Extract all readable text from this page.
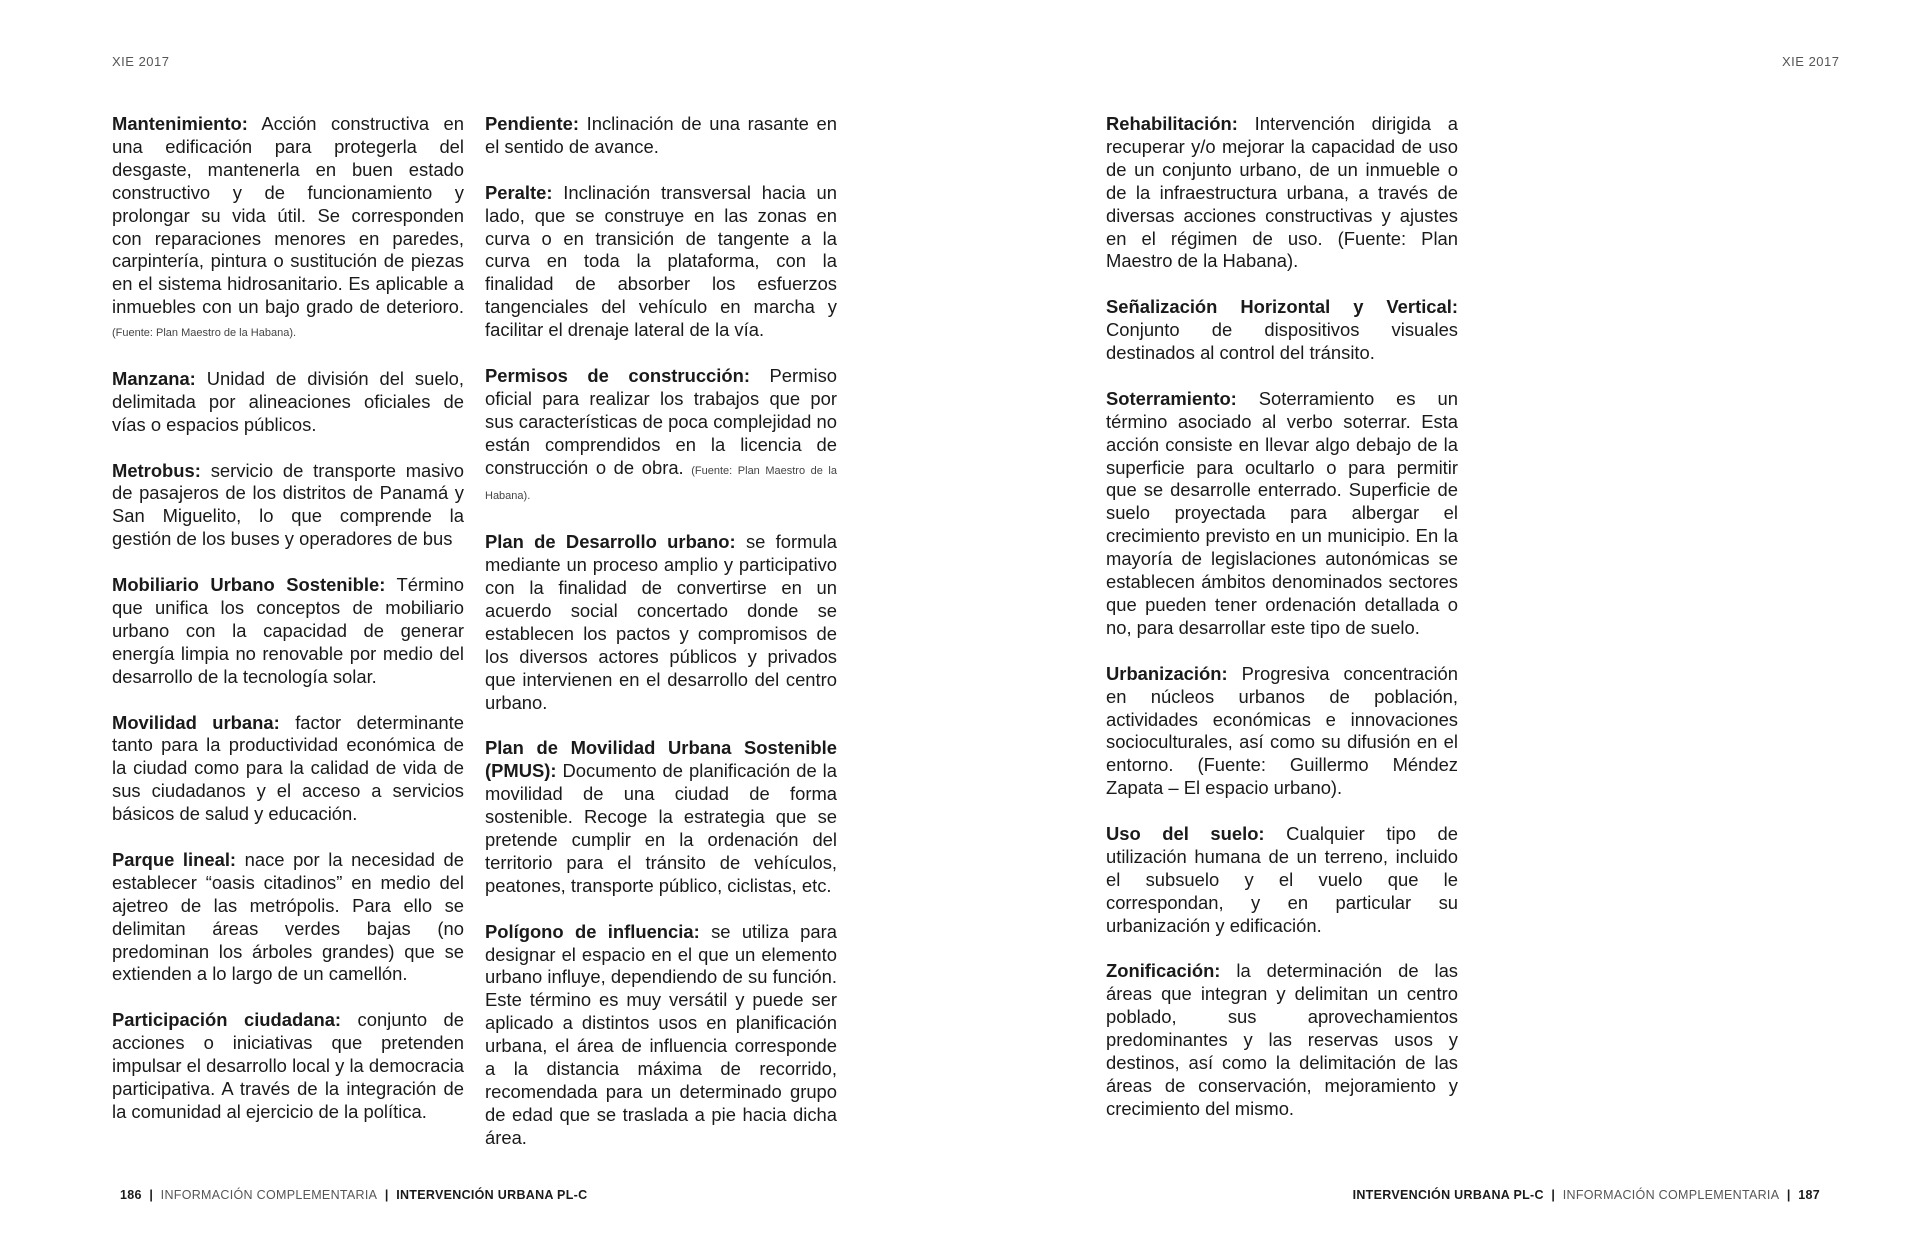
XIE 2017	XIE 2017

Mantenimiento: Acción constructiva en una edificación para protegerla del desgaste, mantenerla en buen estado constructivo y de funcionamiento y prolongar su vida útil. Se corresponden con reparaciones menores en paredes, carpintería, pintura o sustitución de piezas en el sistema hidrosanitario. Es aplicable a inmuebles con un bajo grado de deterioro. (Fuente: Plan Maestro de la Habana).

Manzana: Unidad de división del suelo, delimitada por alineaciones oficiales de vías o espacios públicos.

Metrobus: servicio de transporte masivo de pasajeros de los distritos de Panamá y San Miguelito, lo que comprende la gestión de los buses y operadores de bus

Mobiliario Urbano Sostenible: Término que unifica los conceptos de mobiliario urbano con la capacidad de generar energía limpia no renovable por medio del desarrollo de la tecnología solar.

Movilidad urbana: factor determinante tanto para la productividad económica de la ciudad como para la calidad de vida de sus ciudadanos y el acceso a servicios básicos de salud y educación.

Parque lineal: nace por la necesidad de establecer “oasis citadinos” en medio del ajetreo de las metrópolis. Para ello se delimitan áreas verdes bajas (no predominan los árboles grandes) que se extienden a lo largo de un camellón.

Participación ciudadana: conjunto de acciones o iniciativas que pretenden impulsar el desarrollo local y la democracia participativa. A través de la integración de la comunidad al ejercicio de la política.

Pendiente: Inclinación de una rasante en el sentido de avance.

Peralte: Inclinación transversal hacia un lado, que se construye en las zonas en curva o en transición de tangente a la curva en toda la plataforma, con la finalidad de absorber los esfuerzos tangenciales del vehículo en marcha y facilitar el drenaje lateral de la vía.

Permisos de construcción: Permiso oficial para realizar los trabajos que por sus características de poca complejidad no están comprendidos en la licencia de construcción o de obra. (Fuente: Plan Maestro de la Habana).

Plan de Desarrollo urbano: se formula mediante un proceso amplio y participativo con la finalidad de convertirse en un acuerdo social concertado donde se establecen los pactos y compromisos de los diversos actores públicos y privados que intervienen en el desarrollo del centro urbano.

Plan de Movilidad Urbana Sostenible (PMUS): Documento de planificación de la movilidad de una ciudad de forma sostenible. Recoge la estrategia que se pretende cumplir en la ordenación del territorio para el tránsito de vehículos, peatones, transporte público, ciclistas, etc.

Polígono de influencia: se utiliza para designar el espacio en el que un elemento urbano influye, dependiendo de su función. Este término es muy versátil y puede ser aplicado a distintos usos en planificación urbana, el área de influencia corresponde a la distancia máxima de recorrido, recomendada para un determinado grupo de edad que se traslada a pie hacia dicha área.

Rehabilitación: Intervención dirigida a recuperar y/o mejorar la capacidad de uso de un conjunto urbano, de un inmueble o de la infraestructura urbana, a través de diversas acciones constructivas y ajustes en el régimen de uso. (Fuente: Plan Maestro de la Habana).

Señalización Horizontal y Vertical: Conjunto de dispositivos visuales destinados al control del tránsito.

Soterramiento: Soterramiento es un término asociado al verbo soterrar. Esta acción consiste en llevar algo debajo de la superficie para ocultarlo o para permitir que se desarrolle enterrado. Superficie de suelo proyectada para albergar el crecimiento previsto en un municipio. En la mayoría de legislaciones autonómicas se establecen ámbitos denominados sectores que pueden tener ordenación detallada o no, para desarrollar este tipo de suelo.

Urbanización: Progresiva concentración en núcleos urbanos de población, actividades económicas e innovaciones socioculturales, así como su difusión en el entorno. (Fuente: Guillermo Méndez Zapata – El espacio urbano).

Uso del suelo: Cualquier tipo de utilización humana de un terreno, incluido el subsuelo y el vuelo que le correspondan, y en particular su urbanización y edificación.

Zonificación: la determinación de las áreas que integran y delimitan un centro poblado, sus aprovechamientos predominantes y las reservas usos y destinos, así como la delimitación de las áreas de conservación, mejoramiento y crecimiento del mismo.

186 | INFORMACIÓN COMPLEMENTARIA | INTERVENCIÓN URBANA PL-C	INTERVENCIÓN URBANA PL-C | INFORMACIÓN COMPLEMENTARIA | 187
